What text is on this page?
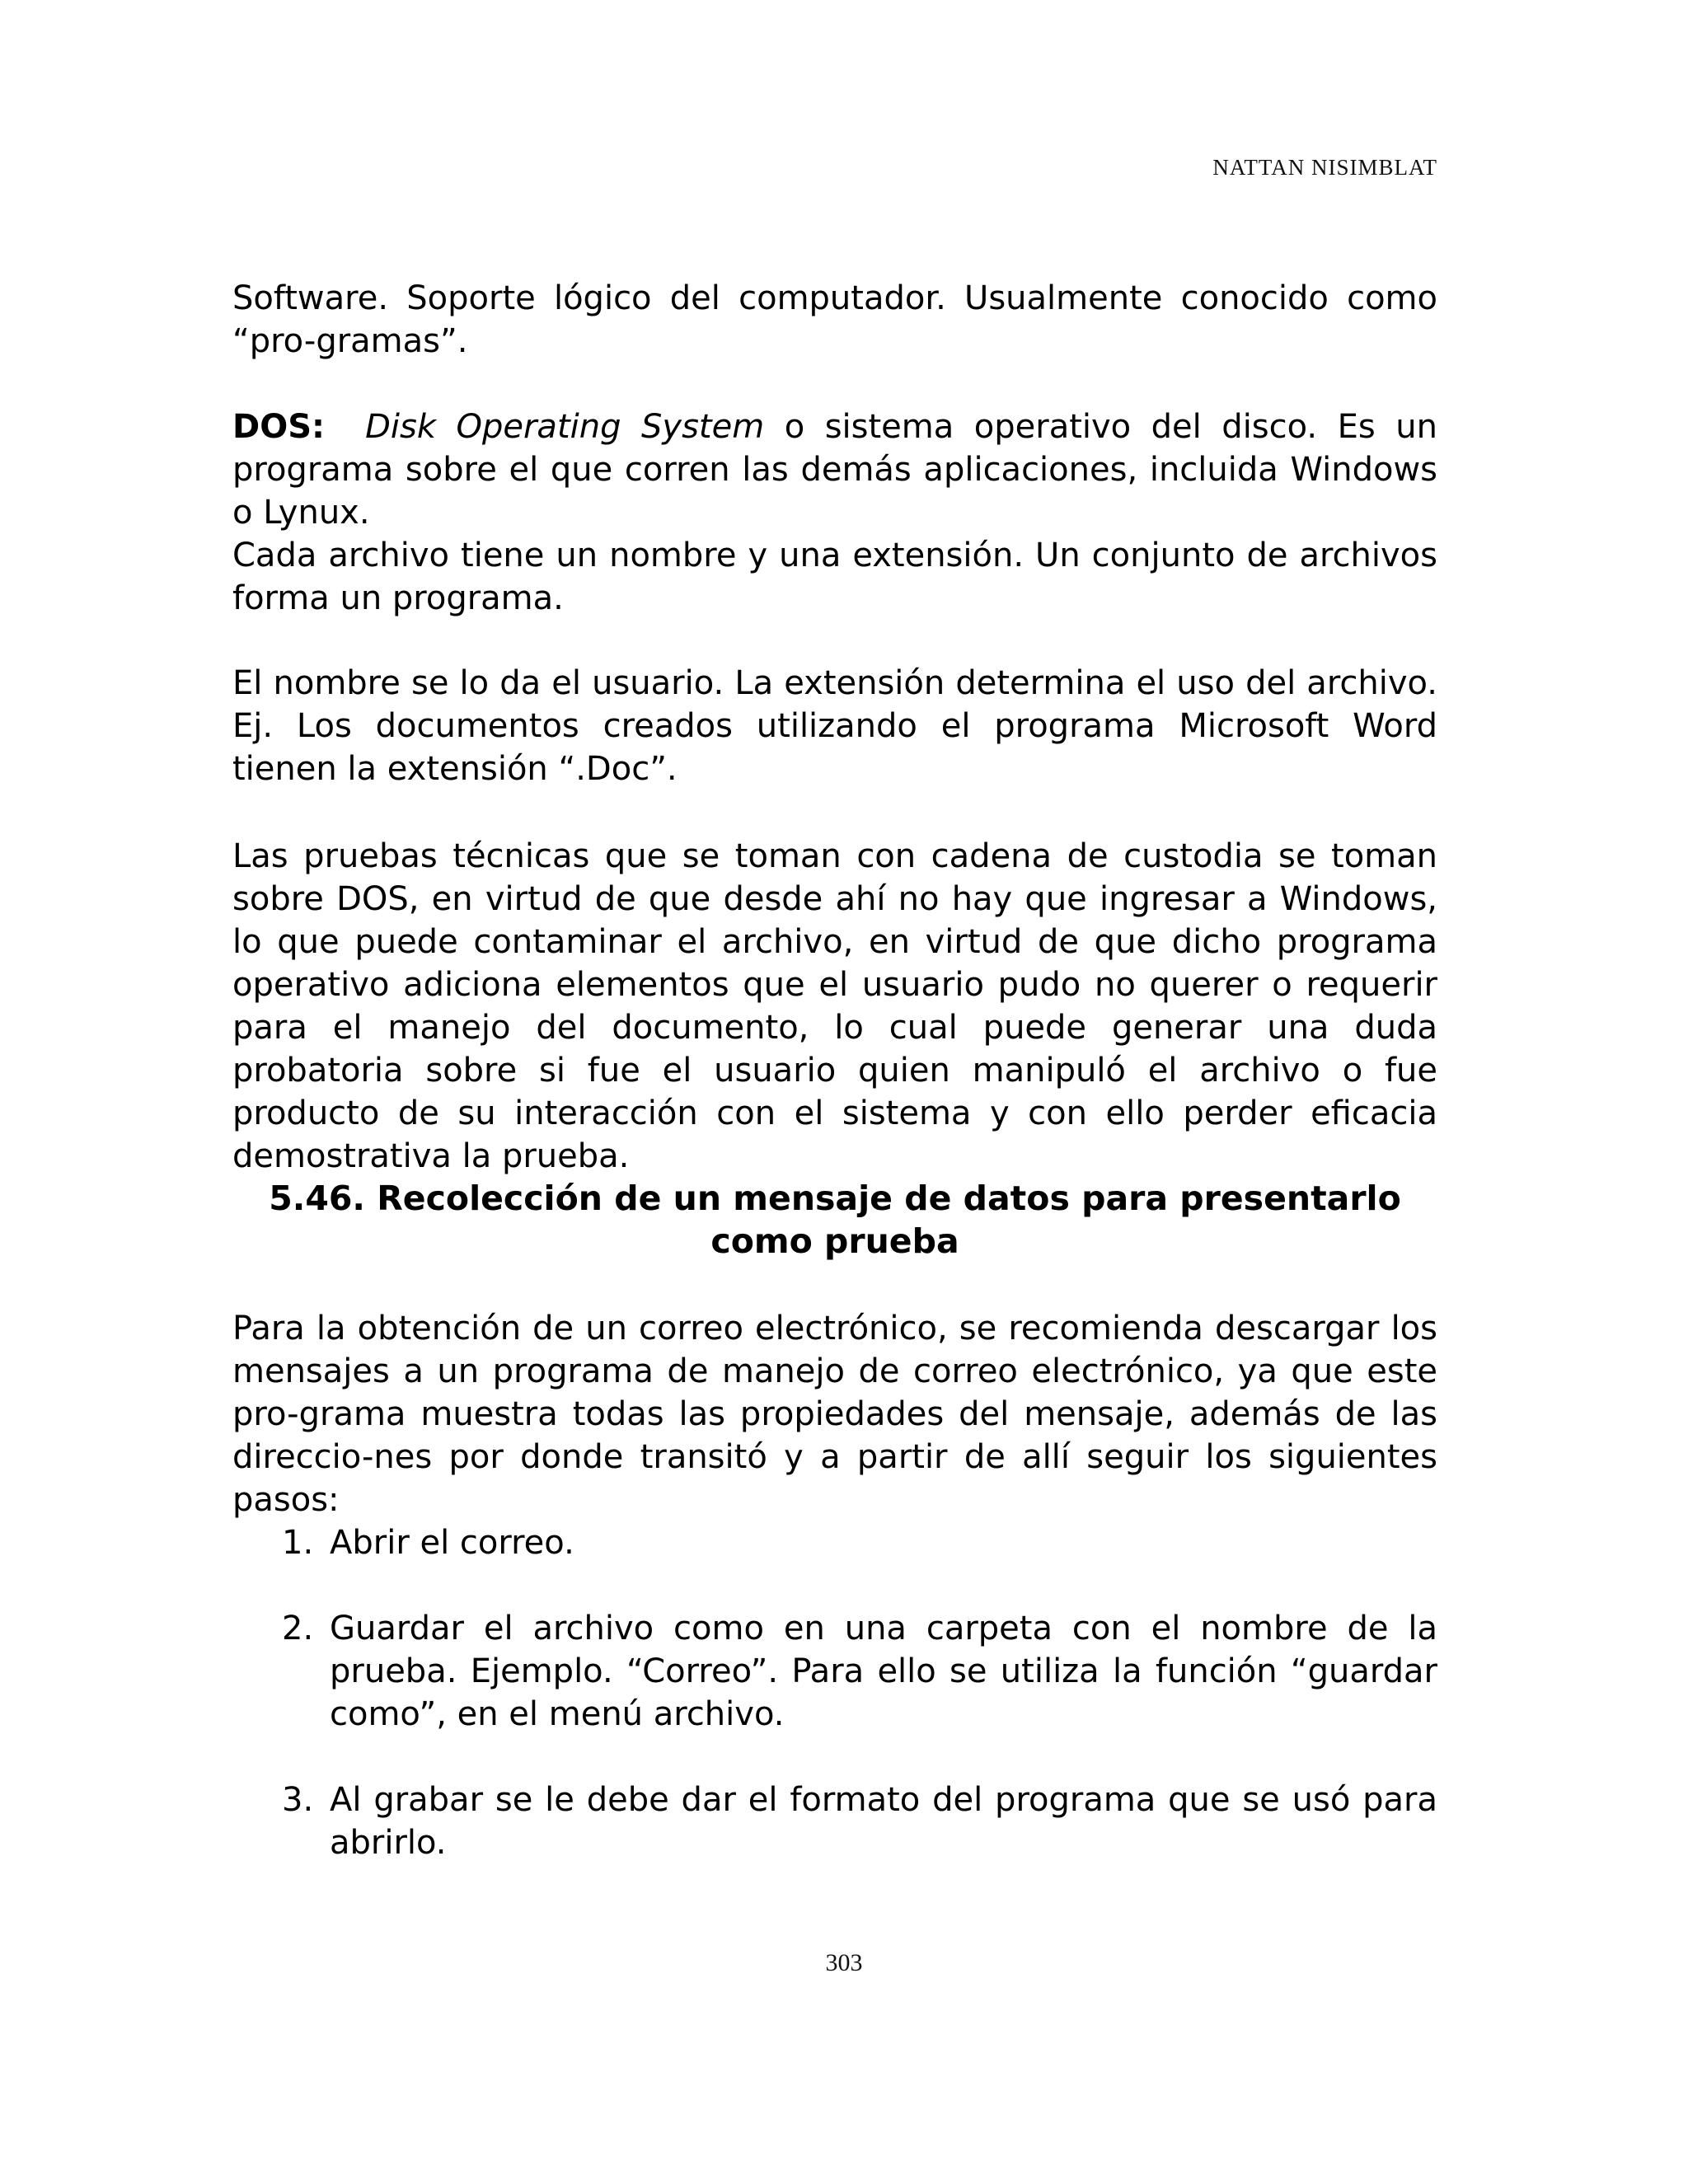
NATTAN NISIMBLAT

Software. Soporte lógico del computador. Usualmente conocido como “pro-gramas”.

DOS: Disk Operating System o sistema operativo del disco. Es un programa sobre el que corren las demás aplicaciones, incluida Windows o Lynux.

Cada archivo tiene un nombre y una extensión. Un conjunto de archivos forma un programa.

El nombre se lo da el usuario. La extensión determina el uso del archivo. Ej. Los documentos creados utilizando el programa Microsoft Word tienen la extensión “.Doc”.

Las pruebas técnicas que se toman con cadena de custodia se toman sobre DOS, en virtud de que desde ahí no hay que ingresar a Windows, lo que puede contaminar el archivo, en virtud de que dicho programa operativo adiciona elementos que el usuario pudo no querer o requerir para el manejo del documento, lo cual puede generar una duda probatoria sobre si fue el usuario quien manipuló el archivo o fue producto de su interacción con el sistema y con ello perder eficacia demostrativa la prueba.

5.46. Recolección de un mensaje de datos para presentarlo como prueba

Para la obtención de un correo electrónico, se recomienda descargar los mensajes a un programa de manejo de correo electrónico, ya que este pro-grama muestra todas las propiedades del mensaje, además de las direccio-nes por donde transitó y a partir de allí seguir los siguientes pasos:

1. Abrir el correo.
2. Guardar el archivo como en una carpeta con el nombre de la prueba. Ejemplo. “Correo”. Para ello se utiliza la función “guardar como”, en el menú archivo.
3. Al grabar se le debe dar el formato del programa que se usó para abrirlo.
303
